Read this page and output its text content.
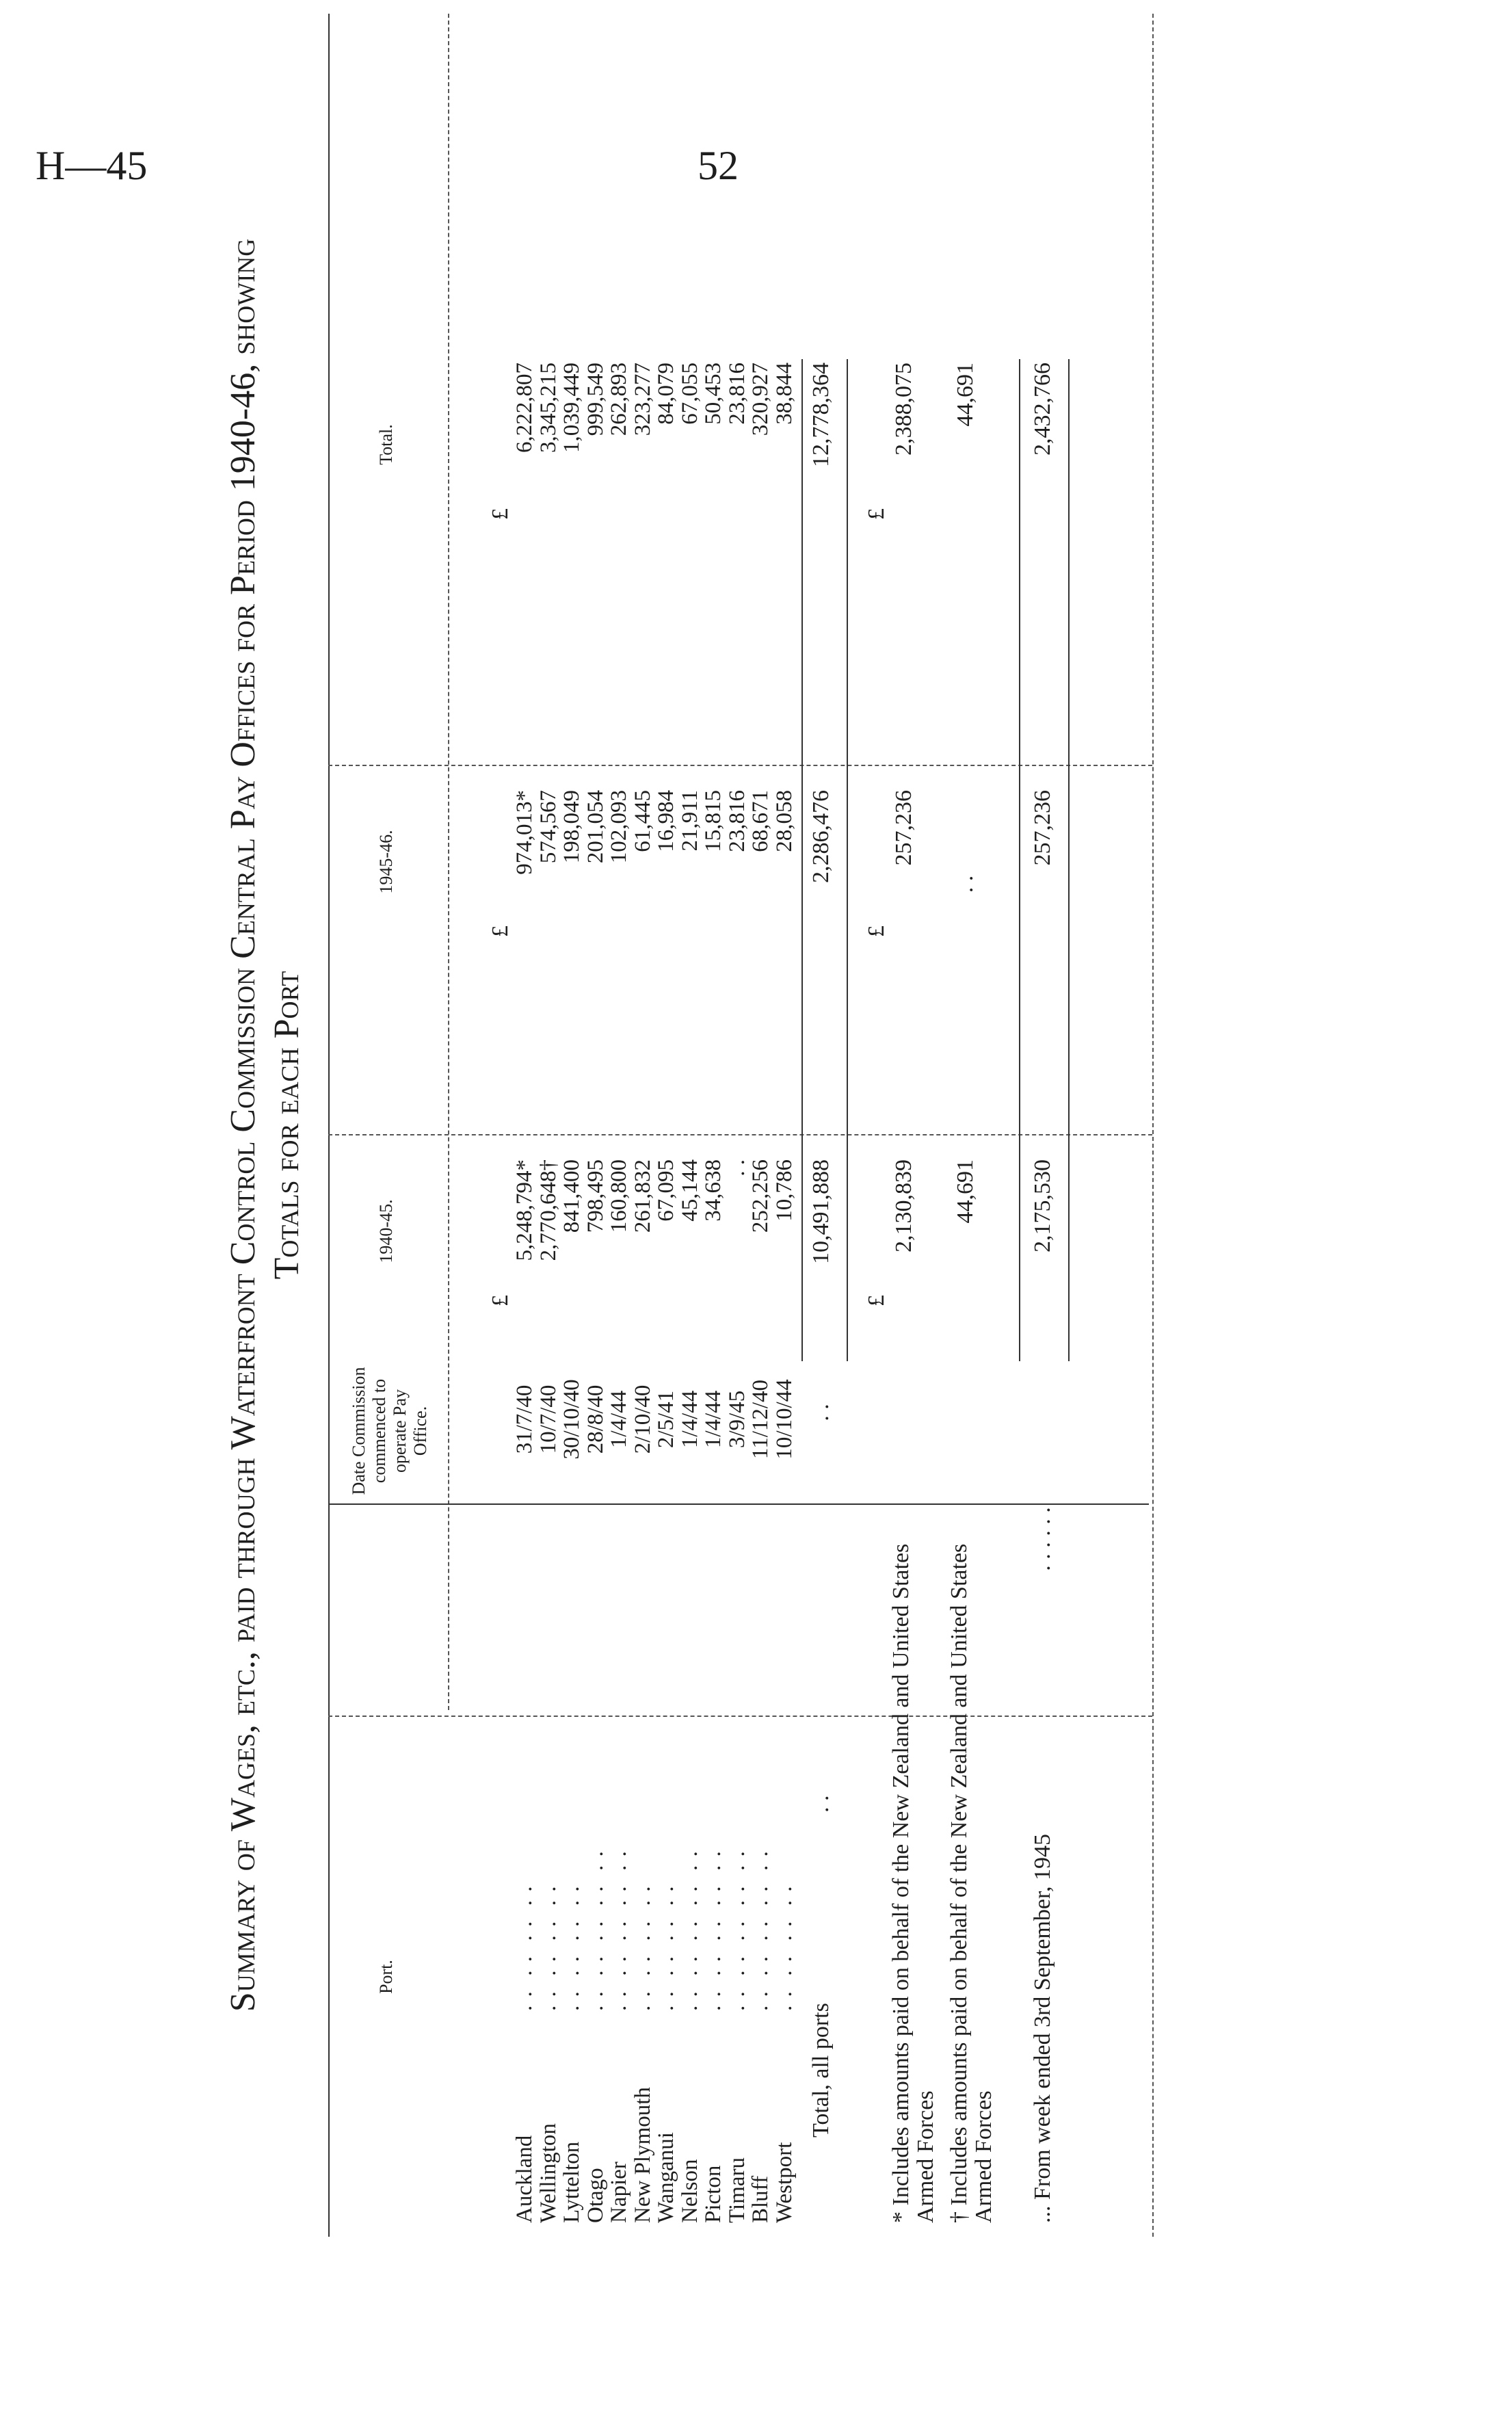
H—45	52
Summary of Wages, etc., paid through Waterfront Control Commission Central Pay Offices for Period 1940-46, showing Totals for each Port
Port.
Date Commission commenced to operate Pay Office.
1940-45.
1945-46.
Total.
£
£
£
Auckland
Wellington
Lyttelton
Otago
Napier
New Plymouth
Wanganui
Nelson
Picton
Timaru
Bluff
Westport
. .  . .  . .  . .
. .  . .  . .  . .
. .  . .  . .  . .
. .  . .  . .  . .  . .
. .  . .  . .  . .  . .
. .  . .  . .  . .
. .  . .  . .  . .
. .  . .  . .  . .  . .
. .  . .  . .  . .  . .
. .  . .  . .  . .  . .
. .  . .  . .  . .  . .
. .  . .  . .  . .
31/7/40
10/7/40
30/10/40
28/8/40
1/4/44
2/10/40
2/5/41
1/4/44
1/4/44
3/9/45
11/12/40
10/10/44
5,248,794*
2,770,648†
841,400
798,495
160,800
261,832
67,095
45,144
34,638
. .
252,256
10,786
974,013*
574,567
198,049
201,054
102,093
61,445
16,984
21,911
15,815
23,816
68,671
28,058
6,222,807
3,345,215
1,039,449
999,549
262,893
323,277
84,079
67,055
50,453
23,816
320,927
38,844
Total, all ports
. .
. .
10,491,888
2,286,476
12,778,364
£
£
£
* Includes amounts paid on behalf of the New Zealand and United States Armed Forces
2,130,839
257,236
2,388,075
† Includes amounts paid on behalf of the New Zealand and United States Armed Forces
44,691
. .
44,691
... From week ended 3rd September, 1945
. . . . . .
2,175,530
257,236
2,432,766
